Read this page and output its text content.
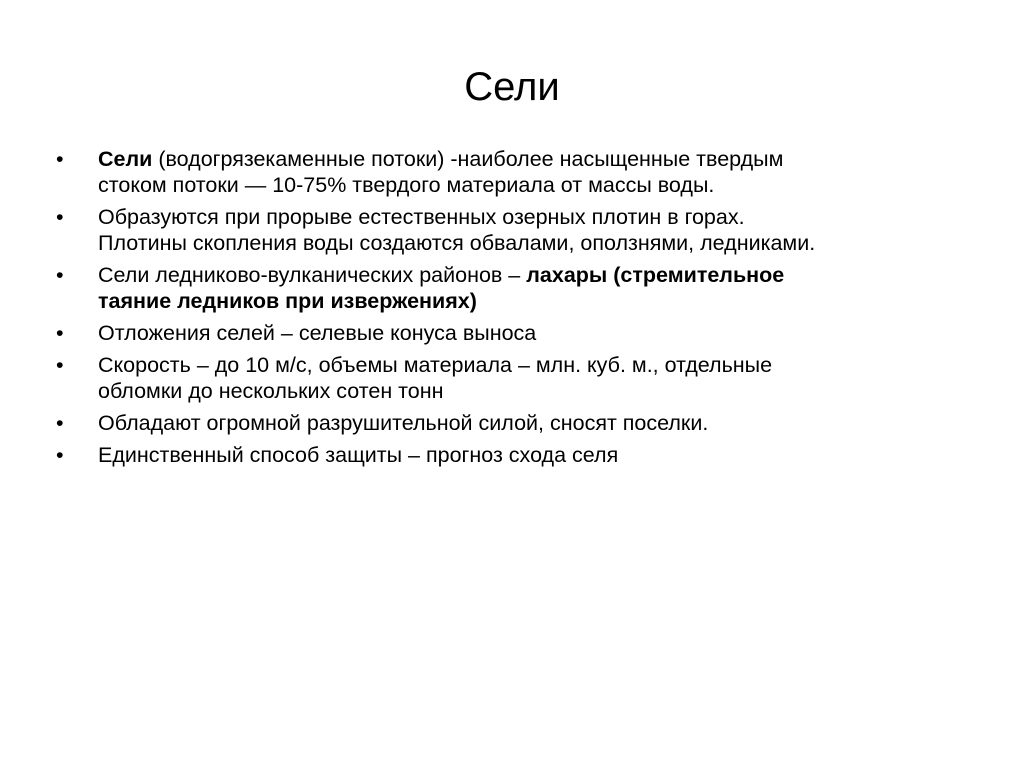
Сели
•	Сели (водогрязекаменные потоки) -наиболее насыщенные твердым
стоком потоки — 10-75% твердого материала от массы воды.
•	Образуются при прорыве естественных озерных плотин в горах.
Плотины скопления воды создаются обвалами, оползнями, ледниками.
•	Сели ледниково-вулканических районов – лахары (стремительное
таяние ледников при извержениях)
•	Отложения селей – селевые конуса выноса
•	Скорость – до 10 м/с, объемы материала – млн. куб. м., отдельные
обломки до нескольких сотен тонн
•	Обладают огромной разрушительной силой, сносят поселки.
•	Единственный способ защиты – прогноз схода селя
